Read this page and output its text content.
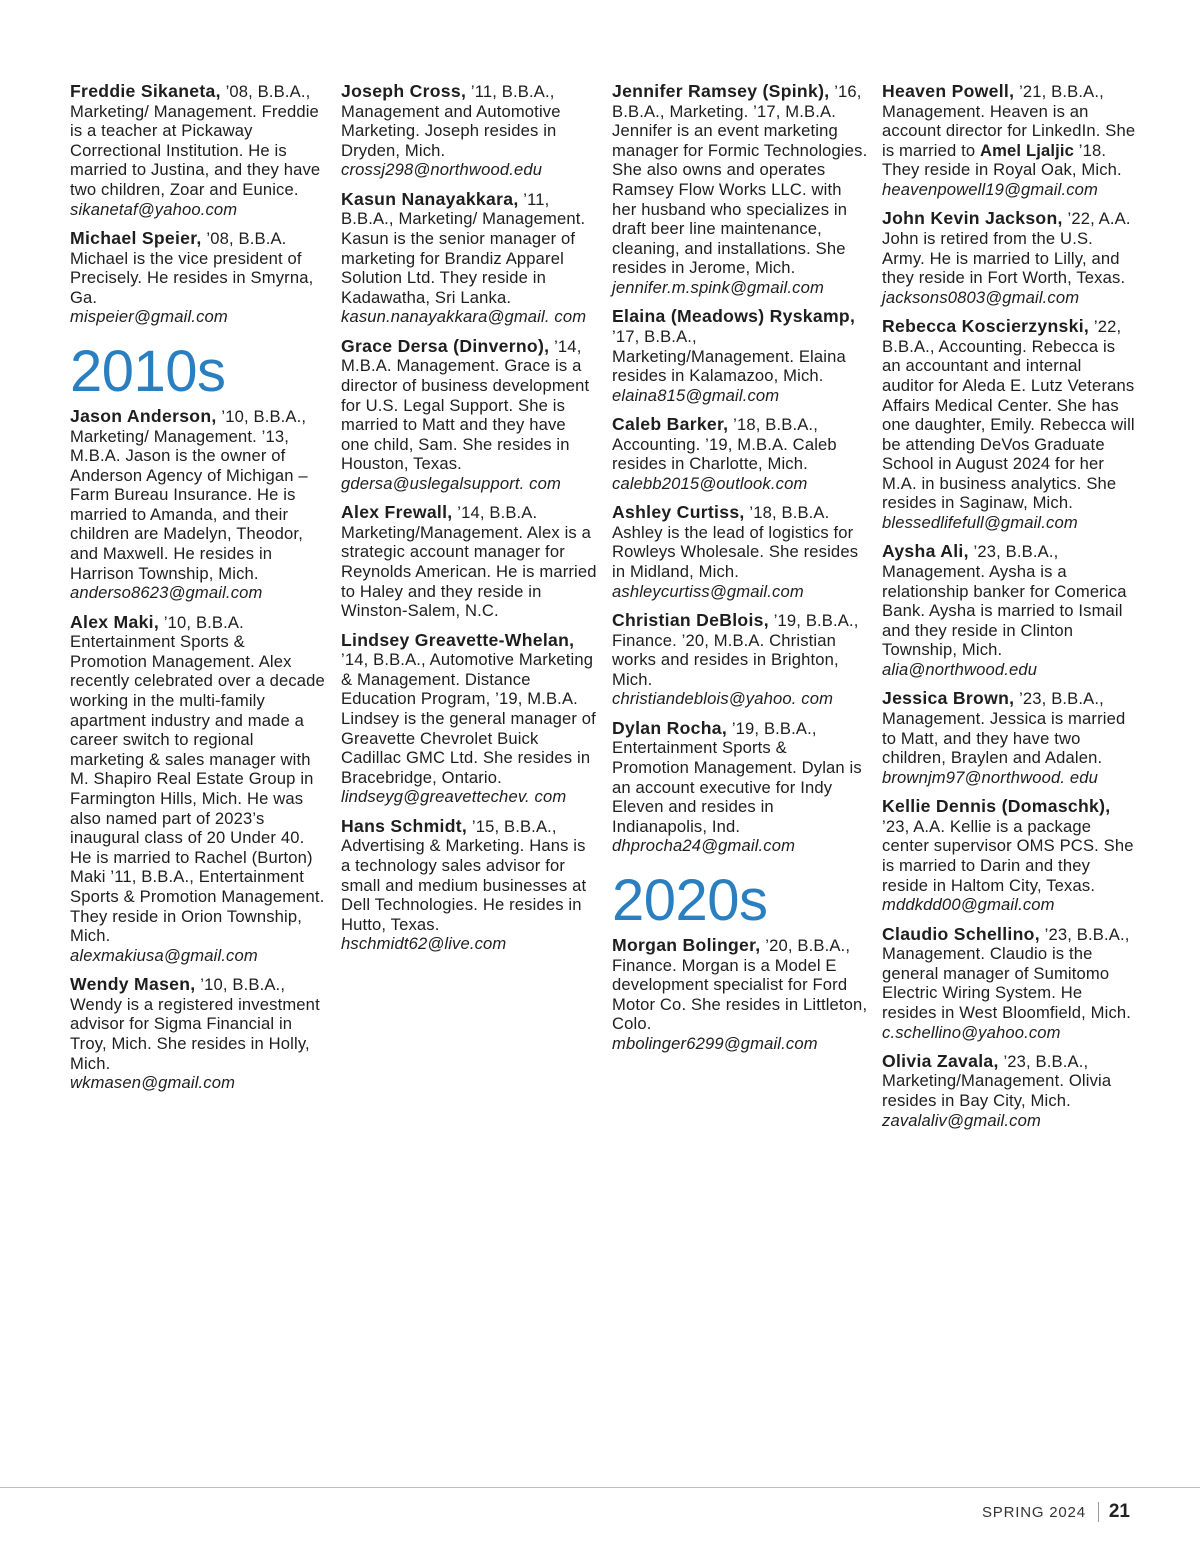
Freddie Sikaneta, ’08, B.B.A., Marketing/ Management. Freddie is a teacher at Pickaway Correctional Institution. He is married to Justina, and they have two children, Zoar and Eunice.
sikanetaf@yahoo.com
Michael Speier, ’08, B.B.A. Michael is the vice president of Precisely. He resides in Smyrna, Ga.
mispeier@gmail.com
2010s
Jason Anderson, ’10, B.B.A., Marketing/ Management. ’13, M.B.A. Jason is the owner of Anderson Agency of Michigan – Farm Bureau Insurance. He is married to Amanda, and their children are Madelyn, Theodor, and Maxwell. He resides in Harrison Township, Mich.
anderso8623@gmail.com
Alex Maki, ’10, B.B.A. Entertainment Sports & Promotion Management. Alex recently celebrated over a decade working in the multi-family apartment industry and made a career switch to regional marketing & sales manager with M. Shapiro Real Estate Group in Farmington Hills, Mich. He was also named part of 2023’s inaugural class of 20 Under 40. He is married to Rachel (Burton) Maki ’11, B.B.A., Entertainment Sports & Promotion Management. They reside in Orion Township, Mich.
alexmakiusa@gmail.com
Wendy Masen, ’10, B.B.A., Wendy is a registered investment advisor for Sigma Financial in Troy, Mich. She resides in Holly, Mich.
wkmasen@gmail.com
Joseph Cross, ’11, B.B.A., Management and Automotive Marketing. Joseph resides in Dryden, Mich.
crossj298@northwood.edu
Kasun Nanayakkara, ’11, B.B.A., Marketing/ Management. Kasun is the senior manager of marketing for Brandiz Apparel Solution Ltd. They reside in Kadawatha, Sri Lanka.
kasun.nanayakkara@gmail. com
Grace Dersa (Dinverno), ’14, M.B.A. Management. Grace is a director of business development for U.S. Legal Support. She is married to Matt and they have one child, Sam. She resides in Houston, Texas.
gdersa@uslegalsupport. com
Alex Frewall, ’14, B.B.A. Marketing/Management. Alex is a strategic account manager for Reynolds American. He is married to Haley and they reside in Winston-Salem, N.C.
Lindsey Greavette-Whelan, ’14, B.B.A., Automotive Marketing & Management. Distance Education Program, ’19, M.B.A. Lindsey is the general manager of Greavette Chevrolet Buick Cadillac GMC Ltd. She resides in Bracebridge, Ontario.
lindseyg@greavettechev. com
Hans Schmidt, ’15, B.B.A., Advertising & Marketing. Hans is a technology sales advisor for small and medium businesses at Dell Technologies. He resides in Hutto, Texas.
hschmidt62@live.com
Jennifer Ramsey (Spink), ’16, B.B.A., Marketing. ’17, M.B.A. Jennifer is an event marketing manager for Formic Technologies. She also owns and operates Ramsey Flow Works LLC. with her husband who specializes in draft beer line maintenance, cleaning, and installations. She resides in Jerome, Mich.
jennifer.m.spink@gmail.com
Elaina (Meadows) Ryskamp, ’17, B.B.A., Marketing/Management. Elaina resides in Kalamazoo, Mich.
elaina815@gmail.com
Caleb Barker, ’18, B.B.A., Accounting. ’19, M.B.A. Caleb resides in Charlotte, Mich.
calebb2015@outlook.com
Ashley Curtiss, ’18, B.B.A. Ashley is the lead of logistics for Rowleys Wholesale. She resides in Midland, Mich.
ashleycurtiss@gmail.com
Christian DeBlois, ’19, B.B.A., Finance. ’20, M.B.A. Christian works and resides in Brighton, Mich.
christiandeblois@yahoo. com
Dylan Rocha, ’19, B.B.A., Entertainment Sports & Promotion Management. Dylan is an account executive for Indy Eleven and resides in Indianapolis, Ind.
dhprocha24@gmail.com
2020s
Morgan Bolinger, ’20, B.B.A., Finance. Morgan is a Model E development specialist for Ford Motor Co. She resides in Littleton, Colo.
mbolinger6299@gmail.com
Heaven Powell, ’21, B.B.A., Management. Heaven is an account director for LinkedIn. She is married to Amel Ljaljic ’18. They reside in Royal Oak, Mich.
heavenpowell19@gmail.com
John Kevin Jackson, ’22, A.A. John is retired from the U.S. Army. He is married to Lilly, and they reside in Fort Worth, Texas.
jacksons0803@gmail.com
Rebecca Koscierzynski, ’22, B.B.A., Accounting. Rebecca is an accountant and internal auditor for Aleda E. Lutz Veterans Affairs Medical Center. She has one daughter, Emily. Rebecca will be attending DeVos Graduate School in August 2024 for her M.A. in business analytics. She resides in Saginaw, Mich.
blessedlifefull@gmail.com
Aysha Ali, ’23, B.B.A., Management. Aysha is a relationship banker for Comerica Bank. Aysha is married to Ismail and they reside in Clinton Township, Mich.
alia@northwood.edu
Jessica Brown, ’23, B.B.A., Management. Jessica is married to Matt, and they have two children, Braylen and Adalen.
brownjm97@northwood. edu
Kellie Dennis (Domaschk), ’23, A.A. Kellie is a package center supervisor OMS PCS. She is married to Darin and they reside in Haltom City, Texas.
mddkdd00@gmail.com
Claudio Schellino, ’23, B.B.A., Management. Claudio is the general manager of Sumitomo Electric Wiring System. He resides in West Bloomfield, Mich.
c.schellino@yahoo.com
Olivia Zavala, ’23, B.B.A., Marketing/Management. Olivia resides in Bay City, Mich.
zavalaliv@gmail.com
SPRING 2024 21
